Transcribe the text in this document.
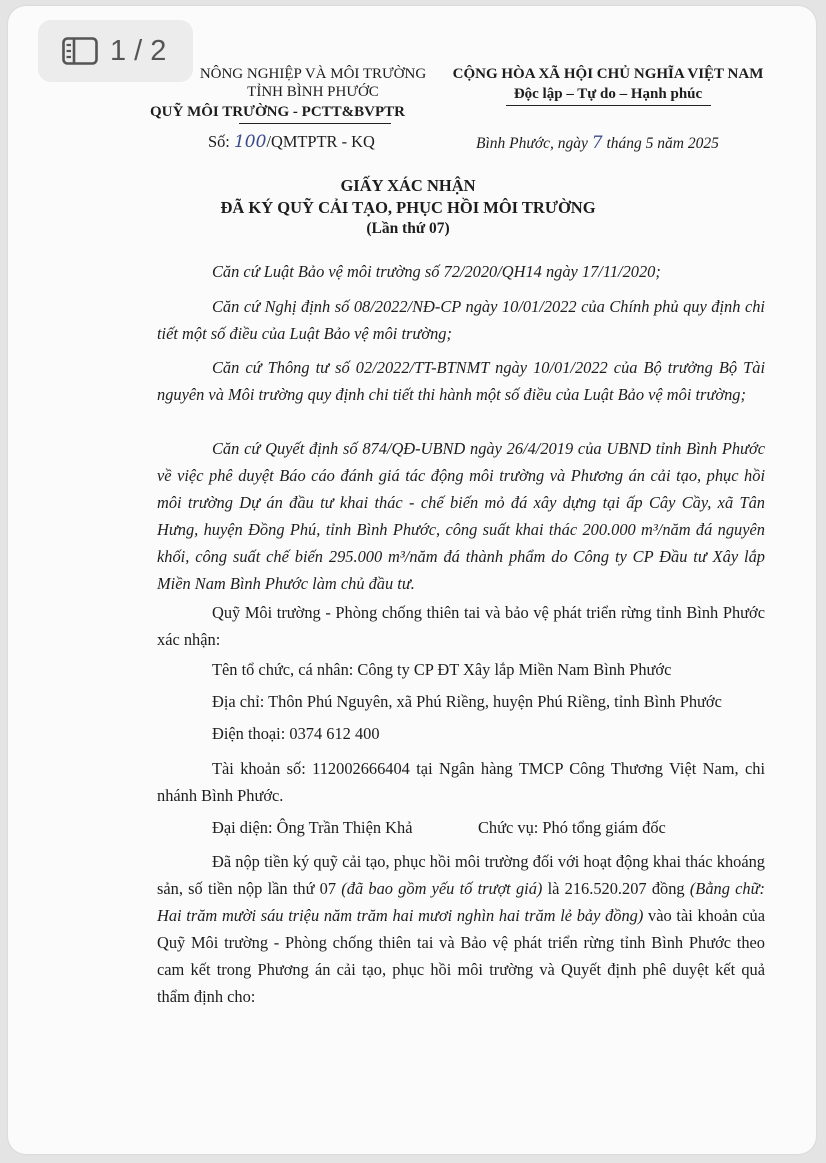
NÔNG NGHIỆP VÀ MÔI TRƯỜNG
TỈNH BÌNH PHƯỚC
QUỸ MÔI TRƯỜNG - PCTT&BVPTR
CỘNG HÒA XÃ HỘI CHỦ NGHĨA VIỆT NAM
Độc lập – Tự do – Hạnh phúc
Số: 100/QMTPTR - KQ	Bình Phước, ngày 7 tháng 5 năm 2025
GIẤY XÁC NHẬN
ĐÃ KÝ QUỸ CẢI TẠO, PHỤC HỒI MÔI TRƯỜNG
(Lần thứ 07)
Căn cứ Luật Bảo vệ môi trường số 72/2020/QH14 ngày 17/11/2020;
Căn cứ Nghị định số 08/2022/NĐ-CP ngày 10/01/2022 của Chính phủ quy định chi tiết một số điều của Luật Bảo vệ môi trường;
Căn cứ Thông tư số 02/2022/TT-BTNMT ngày 10/01/2022 của Bộ trưởng Bộ Tài nguyên và Môi trường quy định chi tiết thi hành một số điều của Luật Bảo vệ môi trường;
Căn cứ Quyết định số 874/QĐ-UBND ngày 26/4/2019 của UBND tỉnh Bình Phước về việc phê duyệt Báo cáo đánh giá tác động môi trường và Phương án cải tạo, phục hồi môi trường Dự án đầu tư khai thác - chế biến mỏ đá xây dựng tại ấp Cây Cầy, xã Tân Hưng, huyện Đồng Phú, tỉnh Bình Phước, công suất khai thác 200.000 m³/năm đá nguyên khối, công suất chế biến 295.000 m³/năm đá thành phẩm do Công ty CP Đầu tư Xây lắp Miền Nam Bình Phước làm chủ đầu tư.
Quỹ Môi trường - Phòng chống thiên tai và bảo vệ phát triển rừng tỉnh Bình Phước xác nhận:
Tên tổ chức, cá nhân: Công ty CP ĐT Xây lắp Miền Nam Bình Phước
Địa chỉ: Thôn Phú Nguyên, xã Phú Riềng, huyện Phú Riềng, tỉnh Bình Phước
Điện thoại: 0374 612 400
Tài khoản số: 112002666404 tại Ngân hàng TMCP Công Thương Việt Nam, chi nhánh Bình Phước.
Đại diện: Ông Trần Thiện Khả	Chức vụ: Phó tổng giám đốc
Đã nộp tiền ký quỹ cải tạo, phục hồi môi trường đối với hoạt động khai thác khoáng sản, số tiền nộp lần thứ 07 (đã bao gồm yếu tố trượt giá) là 216.520.207 đồng (Bằng chữ: Hai trăm mười sáu triệu năm trăm hai mươi nghìn hai trăm lẻ bảy đồng) vào tài khoản của Quỹ Môi trường - Phòng chống thiên tai và Bảo vệ phát triển rừng tỉnh Bình Phước theo cam kết trong Phương án cải tạo, phục hồi môi trường và Quyết định phê duyệt kết quả thẩm định cho:
1 / 2
